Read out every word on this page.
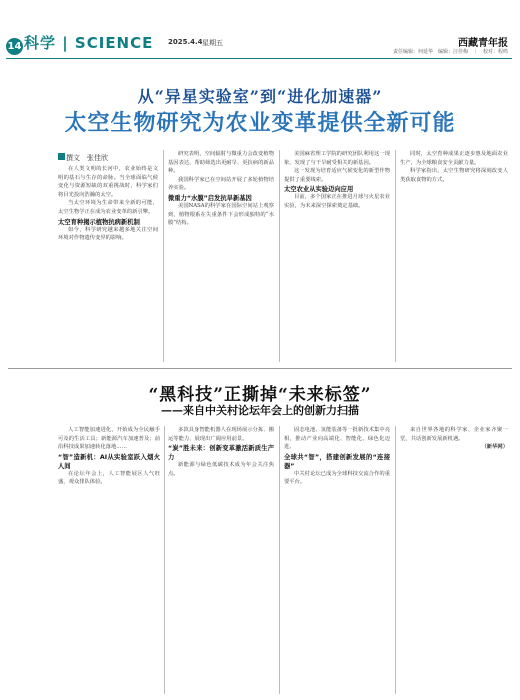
14 科学 | SCIENCE 2025.4.4 星期五	西藏青年报
责任编辑：何延华　编辑：汪佳梅　｜　校对：程鸣
从“异星实验室”到“进化加速器”
太空生物研究为农业变革提供全新可能
撰文　张佳欣

在人类文明的长河中，农业始终是文明的基石与生存的命脉。当全球面临气候变化与资源短缺的双重挑战时，科学家们将目光投向浩瀚的太空。

当太空环境为生命带来全新的可能，太空生物学正在成为农业变革的新引擎。

太空育种揭示植物抗病新机制

如今，科学研究越来越多地关注空间环境对作物遗传变异的影响。

研究表明，空间辐射与微重力会改变植物基因表达，帮助筛选出更耐旱、更抗病的新品种。

我国科学家已在空间站开展了多轮植物培养实验。

微重力“水膜”启发抗旱新基因

美国NASA的科学家在国际空间站上观察到，植物根系在失重条件下会形成独特的“水膜”结构。

美国麻省理工学院的研究团队利用这一现象，发现了与干旱耐受相关的新基因。

这一发现为培育适应气候变化的新型作物提供了重要线索。

太空农业从实验迈向应用

目前，多个国家正在推进月球与火星农业实验，为未来深空探索奠定基础。

同时，太空育种成果正逐步惠及地面农业生产，为全球粮食安全贡献力量。

科学家指出，太空生物研究将深刻改变人类获取食物的方式。

“黑科技”正撕掉“未来标签”
——来自中关村论坛年会上的创新力扫描

人工智能加速进化，开始成为全民触手可及的生活工具；新能源汽车加速普及；前沿科技成果加速转化落地……

“智”造新机：AI从实验室跃入烟火人间

在论坛年会上，人工智能展区人气旺盛，观众排队体验。

多款具身智能机器人在现场展示分拣、搬运等能力，展现出广阔应用前景。

“炭”胜未来：创新变革激活新质生产力

新能源与绿色低碳技术成为年会关注焦点。

固态电池、氢能装备等一批新技术集中亮相，推动产业向高端化、智能化、绿色化迈进。

全球共“智”，搭建创新发展的“连接器”

中关村论坛已成为全球科技交流合作的重要平台。

来自世界各地的科学家、企业家齐聚一堂，共话创新发展新机遇。

（新华网）
